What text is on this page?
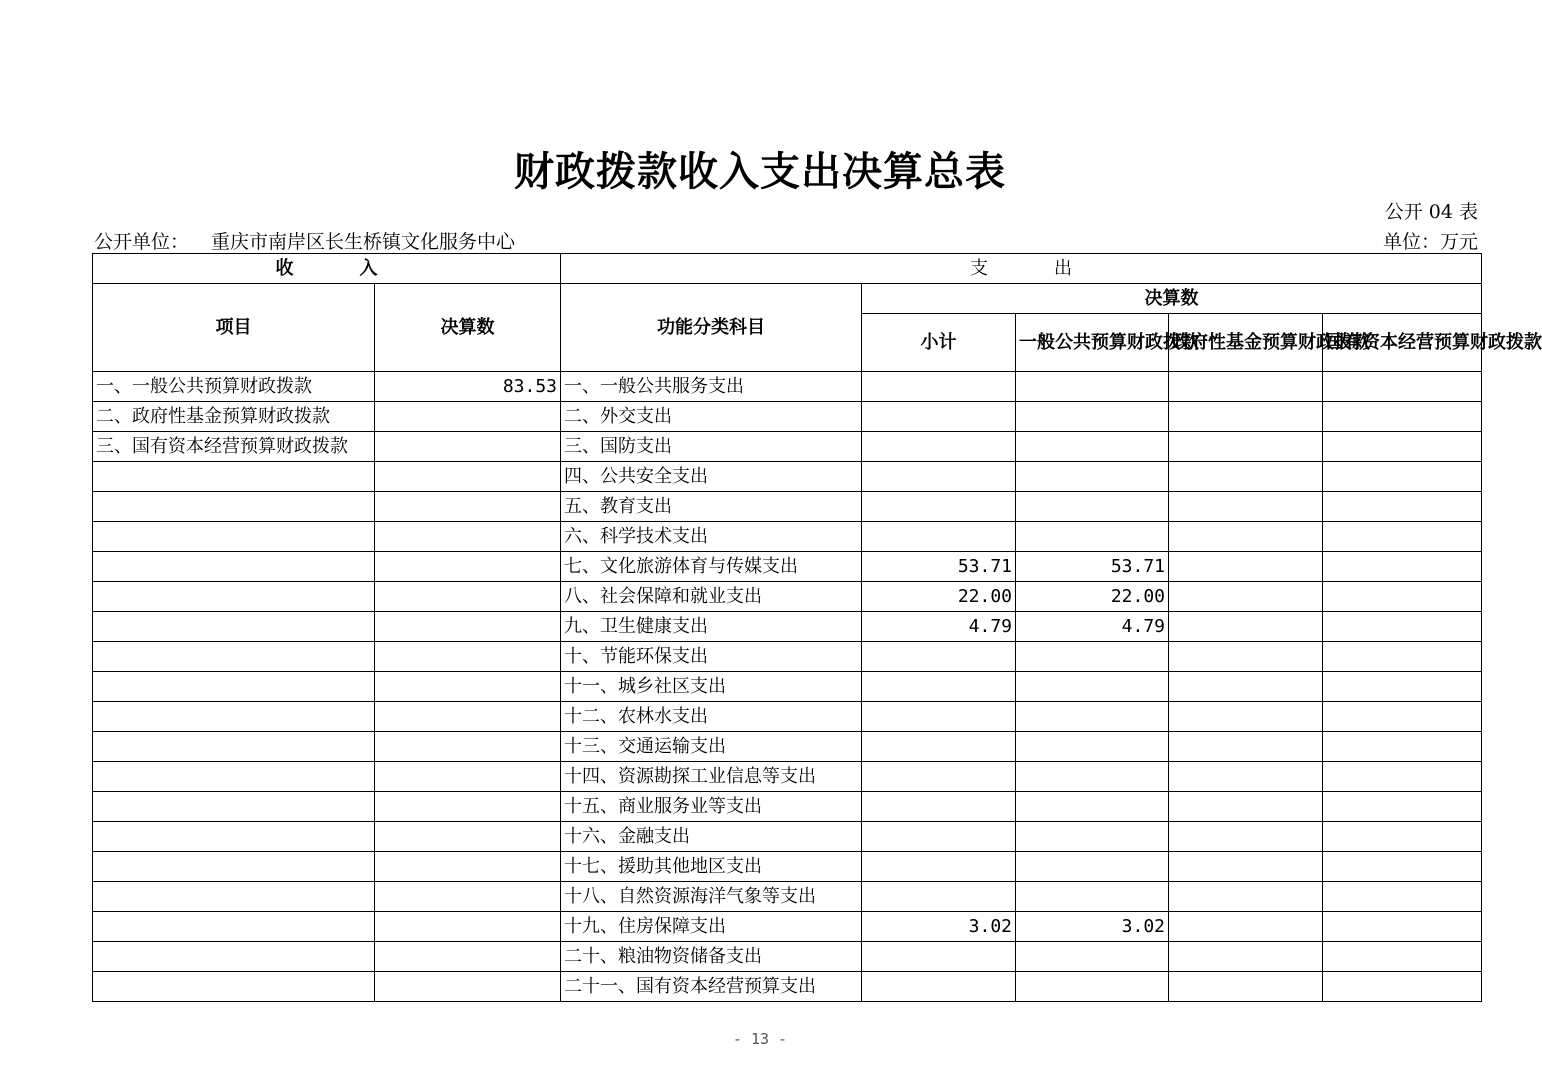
财政拨款收入支出决算总表
公开 04 表
公开单位： 重庆市南岸区长生桥镇文化服务中心	单位：万元
收 入		支 出				
项目	决算数	功能分类科目	决算数			
			小计	一般公共预算财政拨款	政府性基金预算财政拨款	国有资本经营预算财政拨款
一、一般公共预算财政拨款	83.53	一、一般公共服务支出				
二、政府性基金预算财政拨款		二、外交支出				
三、国有资本经营预算财政拨款		三、国防支出				
		四、公共安全支出				
		五、教育支出				
		六、科学技术支出				
		七、文化旅游体育与传媒支出	53.71	53.71		
		八、社会保障和就业支出	22.00	22.00		
		九、卫生健康支出	4.79	4.79		
		十、节能环保支出				
		十一、城乡社区支出				
		十二、农林水支出				
		十三、交通运输支出				
		十四、资源勘探工业信息等支出				
		十五、商业服务业等支出				
		十六、金融支出				
		十七、援助其他地区支出				
		十八、自然资源海洋气象等支出				
		十九、住房保障支出	3.02	3.02		
		二十、粮油物资储备支出				
		二十一、国有资本经营预算支出				
- 13 -
